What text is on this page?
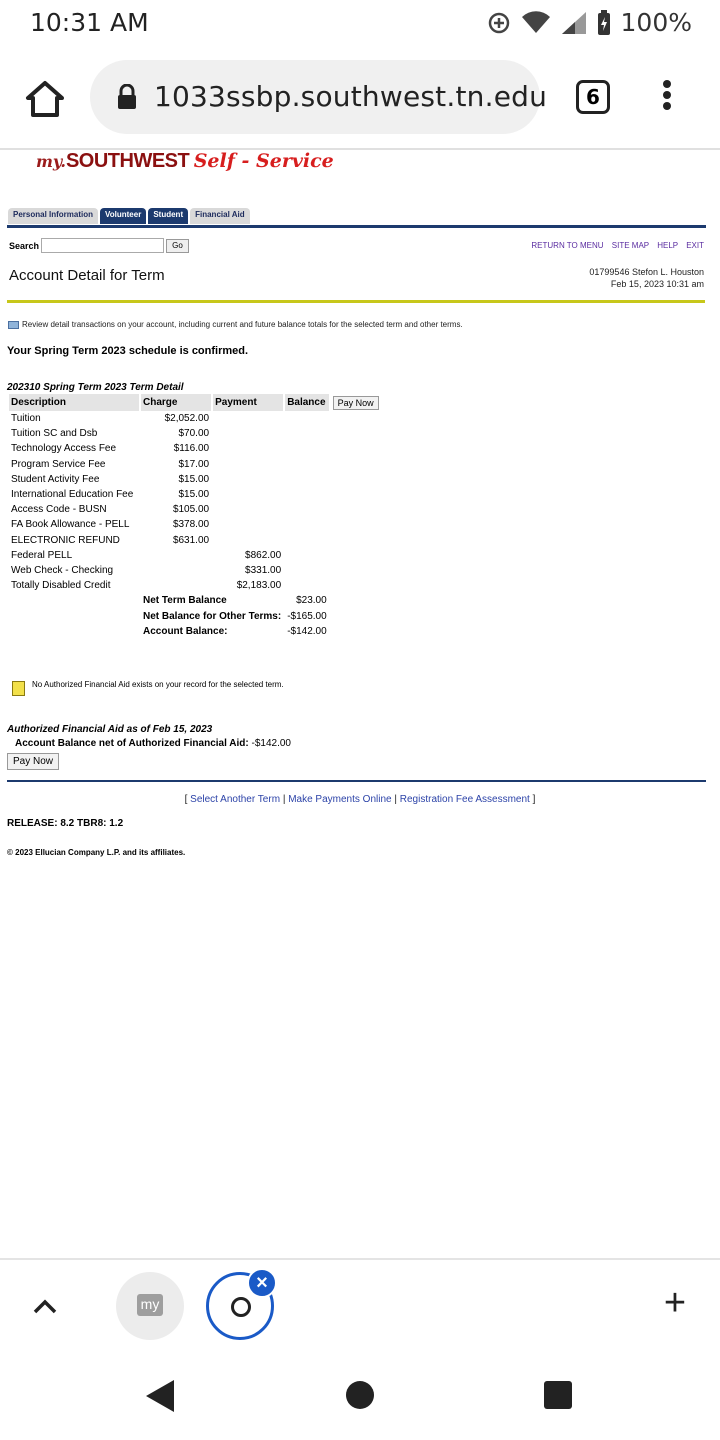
10:31 AM	100%
1033ssbp.southwest.tn.edu	6
my.SOUTHWEST Self - Service
Personal Information	Volunteer	Student	Financial Aid
Search	Go	RETURN TO MENU SITE MAP HELP EXIT
Account Detail for Term	01799546 Stefon L. Houston
Feb 15, 2023 10:31 am
Review detail transactions on your account, including current and future balance totals for the selected term and other terms.
Your Spring Term 2023 schedule is confirmed.
202310 Spring Term 2023 Term Detail
Description	Charge	Payment	Balance	Pay Now
Tuition	$2,052.00			
Tuition SC and Dsb	$70.00			
Technology Access Fee	$116.00			
Program Service Fee	$17.00			
Student Activity Fee	$15.00			
International Education Fee	$15.00			
Access Code - BUSN	$105.00			
FA Book Allowance - PELL	$378.00			
ELECTRONIC REFUND	$631.00			
Federal PELL		$862.00		
Web Check - Checking		$331.00		
Totally Disabled Credit		$2,183.00		
	Net Term Balance		$23.00	
	Net Balance for Other Terms:		-$165.00	
	Account Balance:		-$142.00	
No Authorized Financial Aid exists on your record for the selected term.
Authorized Financial Aid as of Feb 15, 2023
Account Balance net of Authorized Financial Aid: -$142.00
Pay Now
[ Select Another Term | Make Payments Online | Registration Fee Assessment ]
RELEASE: 8.2 TBR8: 1.2
© 2023 Ellucian Company L.P. and its affiliates.
my
×	+
